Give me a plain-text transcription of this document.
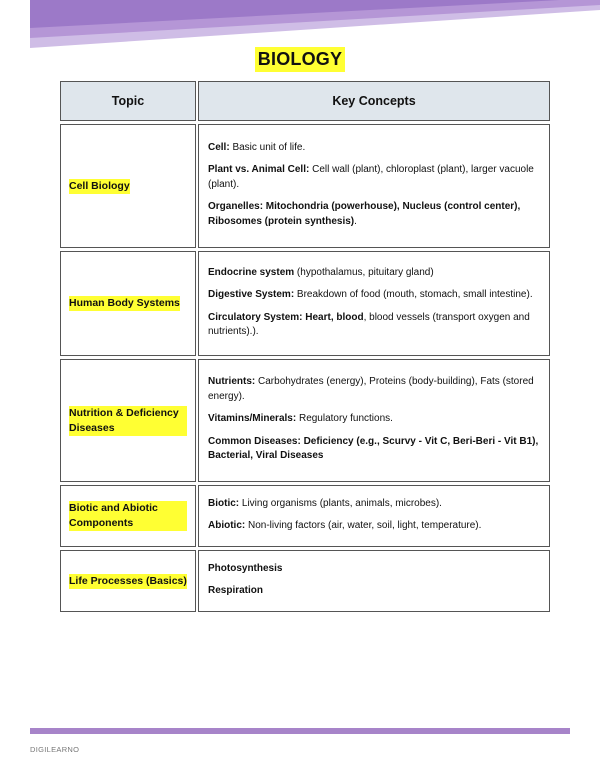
BIOLOGY
Topic	Key Concepts
Cell Biology
Cell: Basic unit of life.
Plant vs. Animal Cell: Cell wall (plant), chloroplast (plant), larger vacuole (plant).
Organelles: Mitochondria (powerhouse), Nucleus (control center), Ribosomes (protein synthesis).
Human Body Systems
Endocrine system (hypothalamus, pituitary gland)
Digestive System: Breakdown of food (mouth, stomach, small intestine).
Circulatory System: Heart, blood, blood vessels (transport oxygen and nutrients).).
Nutrition & Deficiency Diseases
Nutrients: Carbohydrates (energy), Proteins (body-building), Fats (stored energy).
Vitamins/Minerals: Regulatory functions.
Common Diseases: Deficiency (e.g., Scurvy - Vit C, Beri-Beri - Vit B1), Bacterial, Viral Diseases
Biotic and Abiotic Components
Biotic: Living organisms (plants, animals, microbes).
Abiotic: Non-living factors (air, water, soil, light, temperature).
Life Processes (Basics)
Photosynthesis
Respiration
DIGILEARNO
